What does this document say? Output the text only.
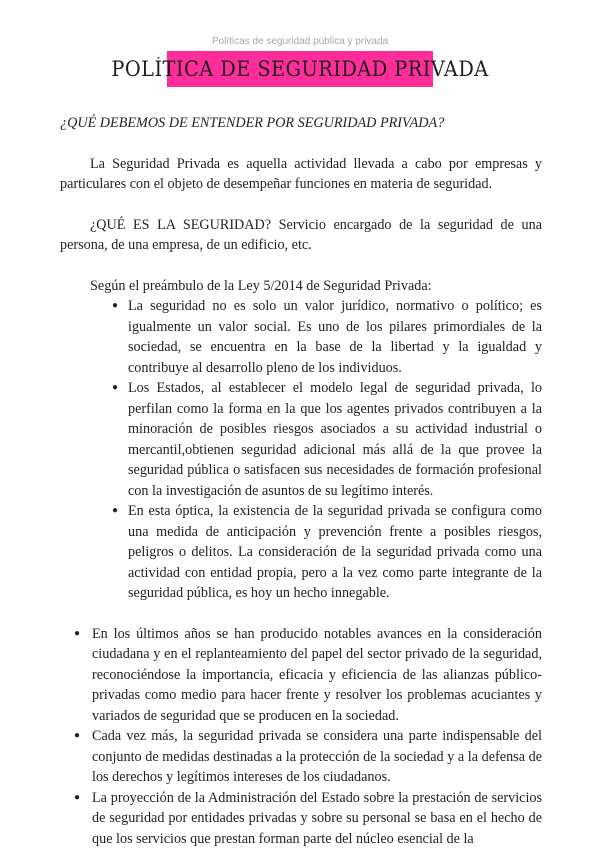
Políticas de seguridad pública y privada
POLÍTICA DE SEGURIDAD PRIVADA

¿QUÉ DEBEMOS DE ENTENDER POR SEGURIDAD PRIVADA?

La Seguridad Privada es aquella actividad llevada a cabo por empresas y particulares con el objeto de desempeñar funciones en materia de seguridad.

¿QUÉ ES LA SEGURIDAD? Servicio encargado de la seguridad de una persona, de una empresa, de un edificio, etc.

Según el preámbulo de la Ley 5/2014 de Seguridad Privada:

● La seguridad no es solo un valor jurídico, normativo o político; es igualmente un valor social. Es uno de los pilares primordiales de la sociedad, se encuentra en la base de la libertad y la igualdad y contribuye al desarrollo pleno de los individuos.
● Los Estados, al establecer el modelo legal de seguridad privada, lo perfilan como la forma en la que los agentes privados contribuyen a la minoración de posibles riesgos asociados a su actividad industrial o mercantil,obtienen seguridad adicional más allá de la que provee la seguridad pública o satisfacen sus necesidades de formación profesional con la investigación de asuntos de su legítimo interés.
● En esta óptica, la existencia de la seguridad privada se configura como una medida de anticipación y prevención frente a posibles riesgos, peligros o delitos. La consideración de la seguridad privada como una actividad con entidad propia, pero a la vez como parte integrante de la seguridad pública, es hoy un hecho innegable.
● En los últimos años se han producido notables avances en la consideración ciudadana y en el replanteamiento del papel del sector privado de la seguridad, reconociéndose la importancia, eficacia y eficiencia de las alianzas público-privadas como medio para hacer frente y resolver los problemas acuciantes y variados de seguridad que se producen en la sociedad.
● Cada vez más, la seguridad privada se considera una parte indispensable del conjunto de medidas destinadas a la protección de la sociedad y a la defensa de los derechos y legítimos intereses de los ciudadanos.
● La proyección de la Administración del Estado sobre la prestación de servicios de seguridad por entidades privadas y sobre su personal se basa en el hecho de que los servicios que prestan forman parte del núcleo esencial de la
